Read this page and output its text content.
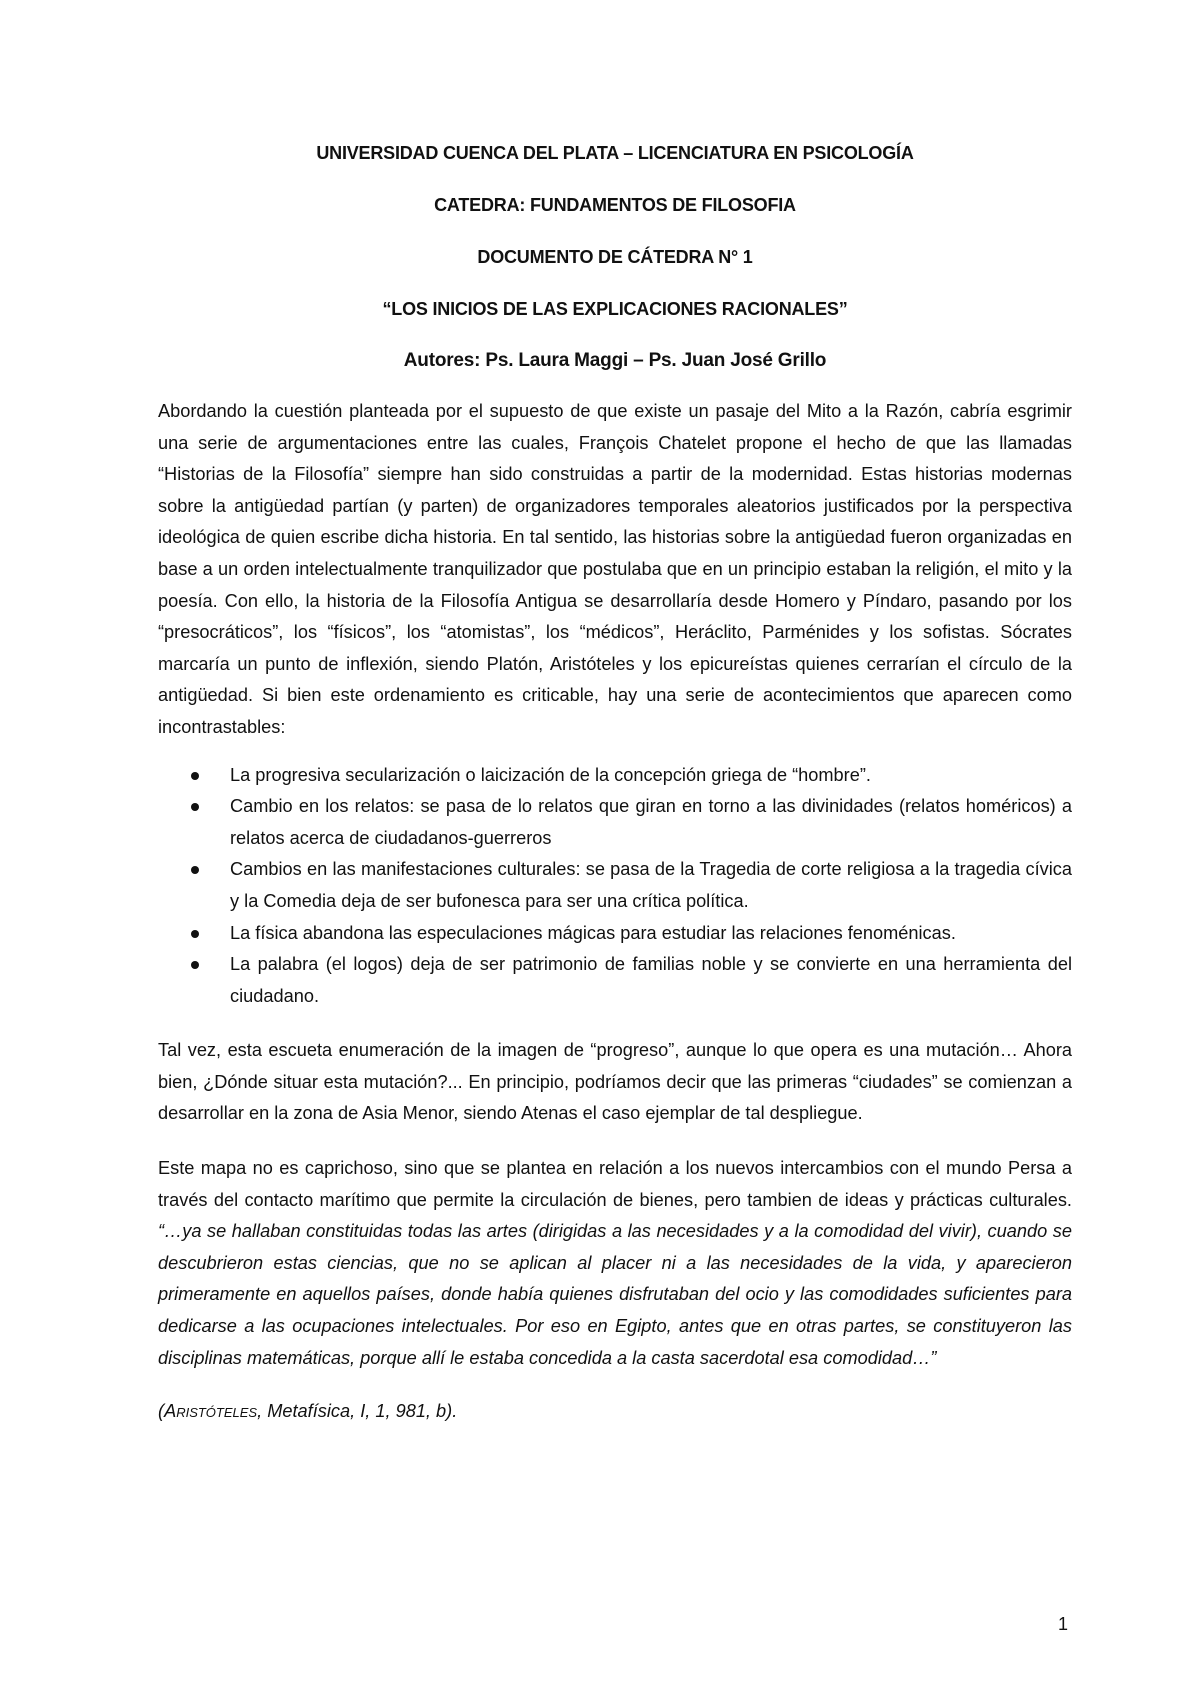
UNIVERSIDAD CUENCA DEL PLATA – LICENCIATURA EN PSICOLOGÍA
CATEDRA: FUNDAMENTOS DE FILOSOFIA
DOCUMENTO DE CÁTEDRA N° 1
“LOS INICIOS DE LAS EXPLICACIONES RACIONALES”
Autores: Ps. Laura Maggi – Ps. Juan José Grillo

Abordando la cuestión planteada por el supuesto de que existe un pasaje del Mito a la Razón, cabría esgrimir una serie de argumentaciones entre las cuales, François Chatelet propone el hecho de que las llamadas “Historias de la Filosofía” siempre han sido construidas a partir de la modernidad. Estas historias modernas sobre la antigüedad partían (y parten) de organizadores temporales aleatorios justificados por la perspectiva ideológica de quien escribe dicha historia. En tal sentido, las historias sobre la antigüedad fueron organizadas en base a un orden intelectualmente tranquilizador que postulaba que en un principio estaban la religión, el mito y la poesía. Con ello, la historia de la Filosofía Antigua se desarrollaría desde Homero y Píndaro, pasando por los “presocráticos”, los “físicos”, los “atomistas”, los “médicos”, Heráclito, Parménides y los sofistas. Sócrates marcaría un punto de inflexión, siendo Platón, Aristóteles y los epicureístas quienes cerrarían el círculo de la antigüedad. Si bien este ordenamiento es criticable, hay una serie de acontecimientos que aparecen como incontrastables:

La progresiva secularización o laicización de la concepción griega de “hombre”.
Cambio en los relatos: se pasa de lo relatos que giran en torno a las divinidades (relatos homéricos) a relatos acerca de ciudadanos-guerreros
Cambios en las manifestaciones culturales: se pasa de la Tragedia de corte religiosa a la tragedia cívica y la Comedia deja de ser bufonesca para ser una crítica política.
La física abandona las especulaciones mágicas para estudiar las relaciones fenoménicas.
La palabra (el logos) deja de ser patrimonio de familias noble y se convierte en una herramienta del ciudadano.

Tal vez, esta escueta enumeración de la imagen de “progreso”, aunque lo que opera es una mutación… Ahora bien, ¿Dónde situar esta mutación?... En principio, podríamos decir que las primeras “ciudades” se comienzan a desarrollar en la zona de Asia Menor, siendo Atenas el caso ejemplar de tal despliegue.

Este mapa no es caprichoso, sino que se plantea en relación a los nuevos intercambios con el mundo Persa a través del contacto marítimo que permite la circulación de bienes, pero tambien de ideas y prácticas culturales. “…ya se hallaban constituidas todas las artes (dirigidas a las necesidades y a la comodidad del vivir), cuando se descubrieron estas ciencias, que no se aplican al placer ni a las necesidades de la vida, y aparecieron primeramente en aquellos países, donde había quienes disfrutaban del ocio y las comodidades suficientes para dedicarse a las ocupaciones intelectuales. Por eso en Egipto, antes que en otras partes, se constituyeron las disciplinas matemáticas, porque allí le estaba concedida a la casta sacerdotal esa comodidad…”

(Aristóteles, Metafísica, I, 1, 981, b).
1
